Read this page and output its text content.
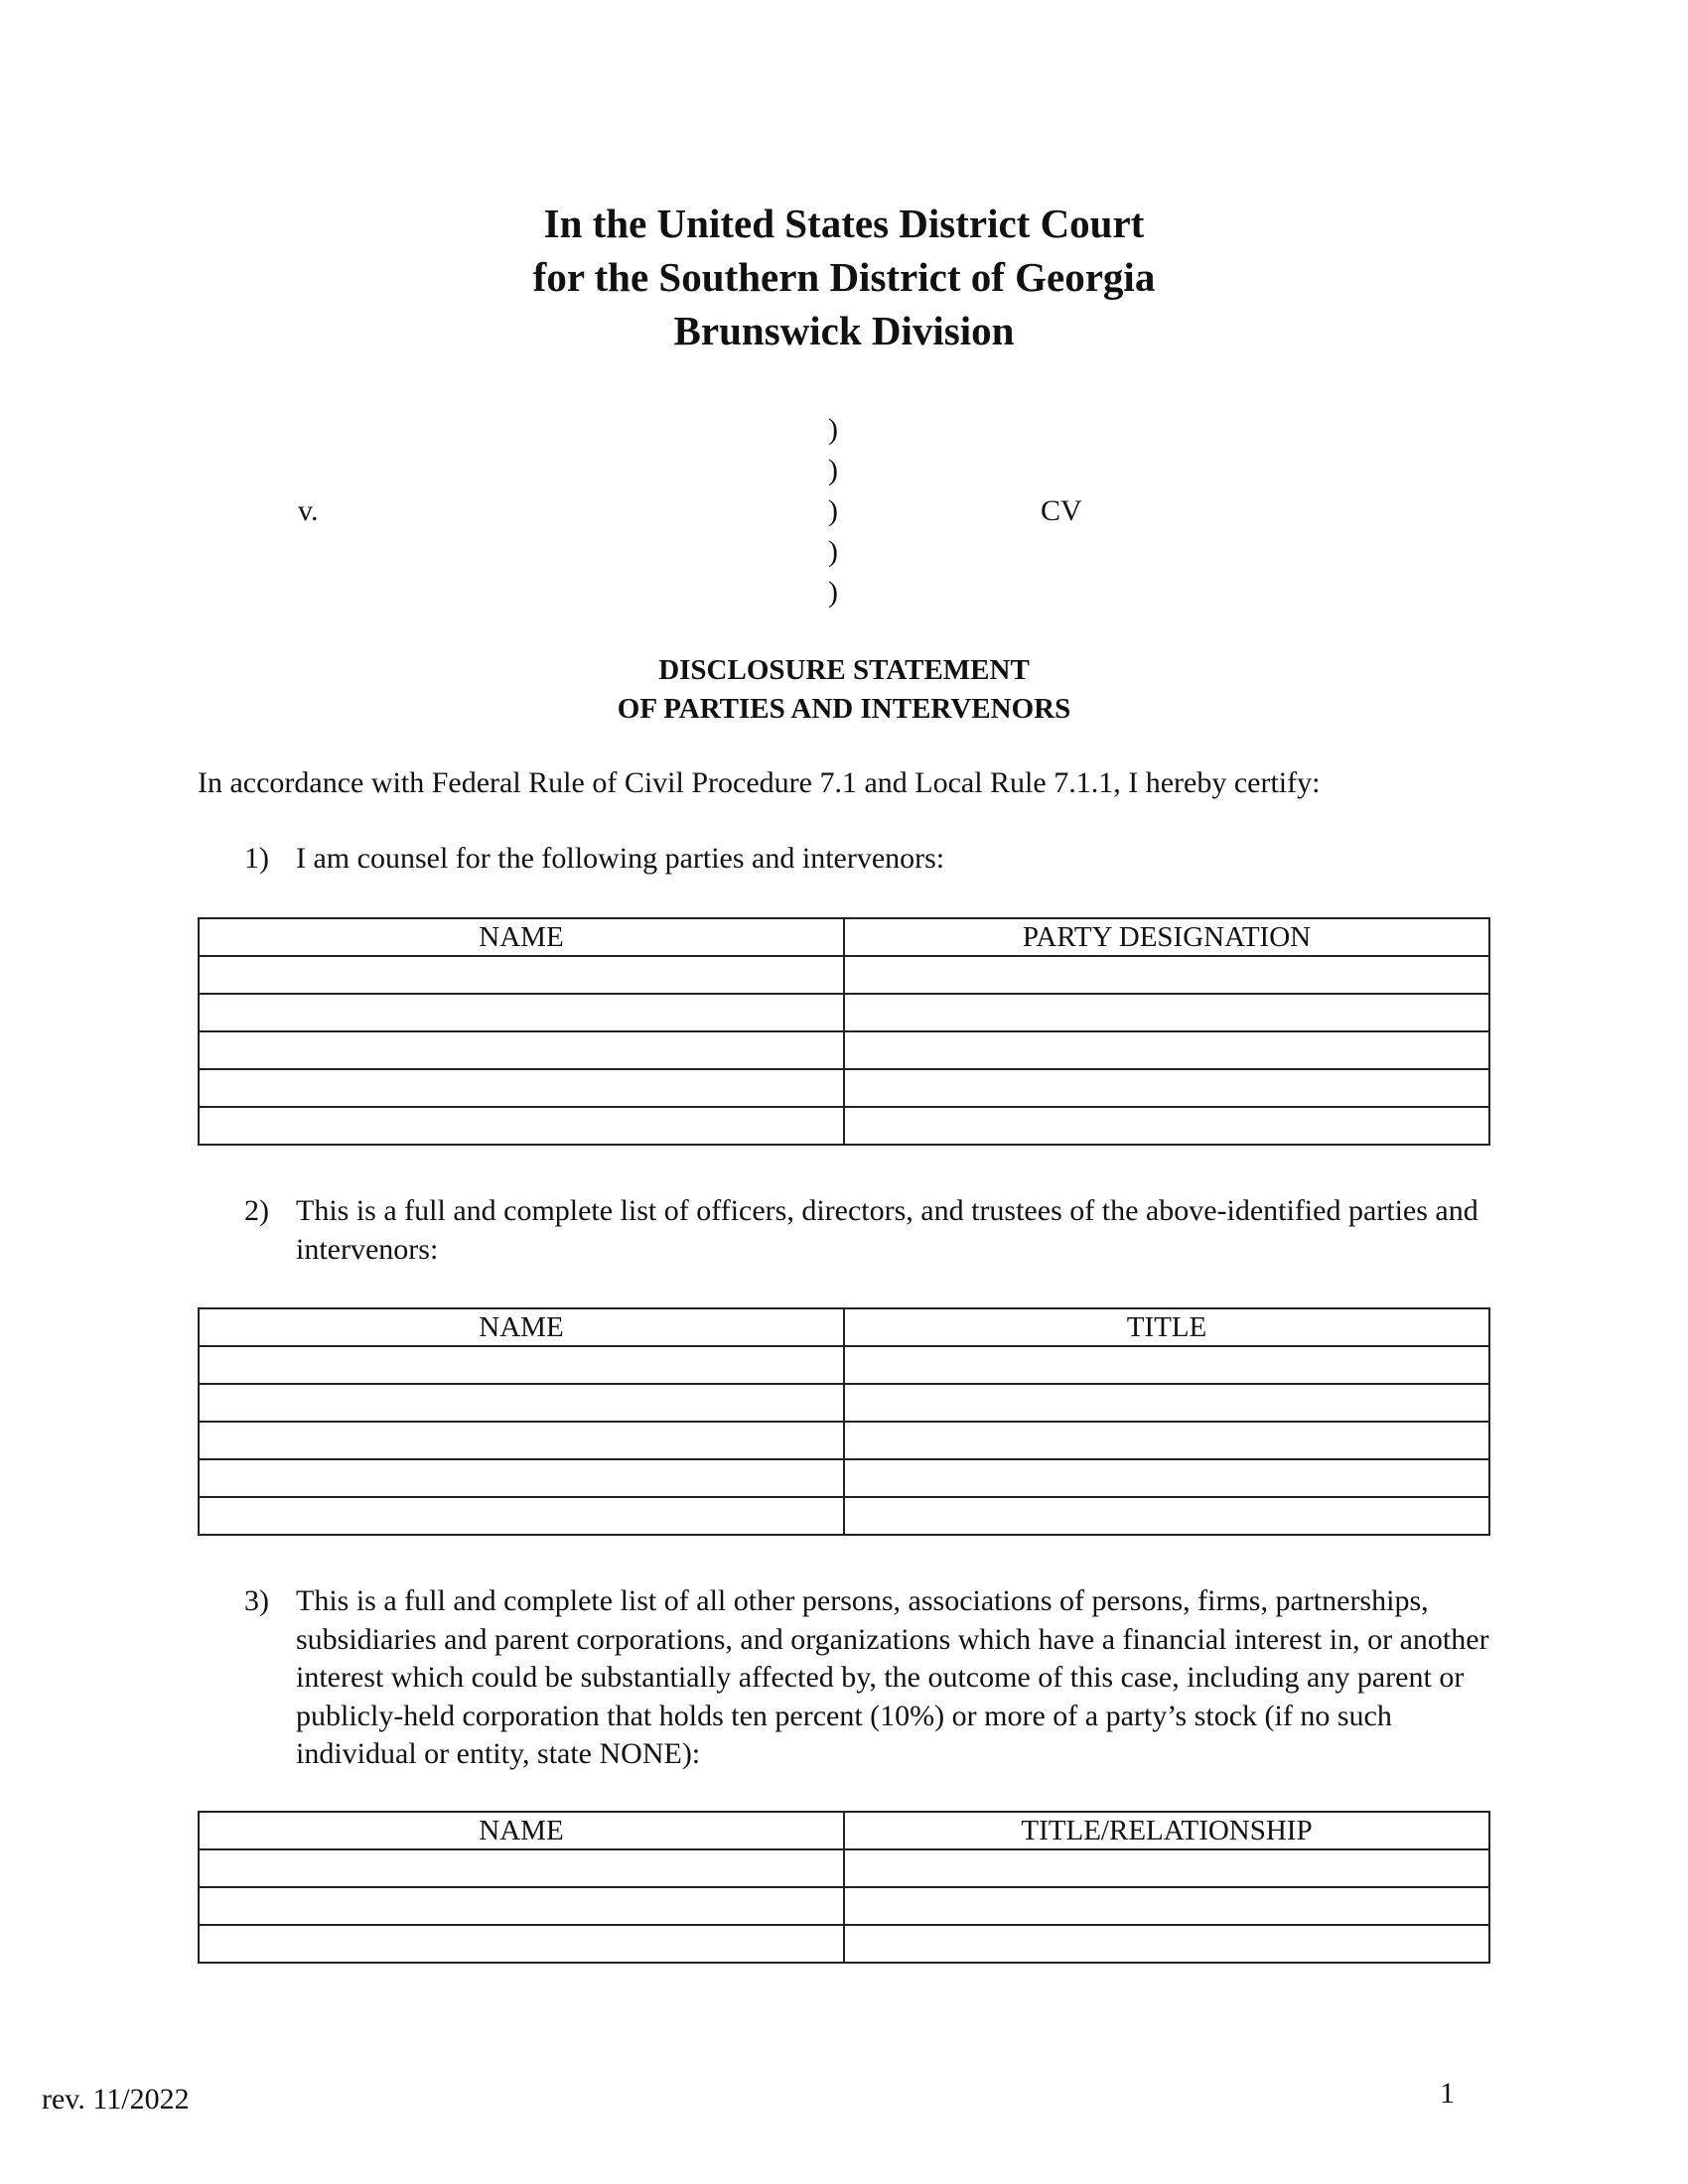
In the United States District Court
for the Southern District of Georgia
Brunswick Division
)
)
)
)
)
v.	CV
DISCLOSURE STATEMENT
OF PARTIES AND INTERVENORS
In accordance with Federal Rule of Civil Procedure 7.1 and Local Rule 7.1.1, I hereby certify:
1) I am counsel for the following parties and intervenors:
NAME	PARTY DESIGNATION

2) This is a full and complete list of officers, directors, and trustees of the above-identified parties and intervenors:
NAME	TITLE

3) This is a full and complete list of all other persons, associations of persons, firms, partnerships, subsidiaries and parent corporations, and organizations which have a financial interest in, or another interest which could be substantially affected by, the outcome of this case, including any parent or publicly-held corporation that holds ten percent (10%) or more of a party’s stock (if no such individual or entity, state NONE):
NAME	TITLE/RELATIONSHIP

rev. 11/2022	1
